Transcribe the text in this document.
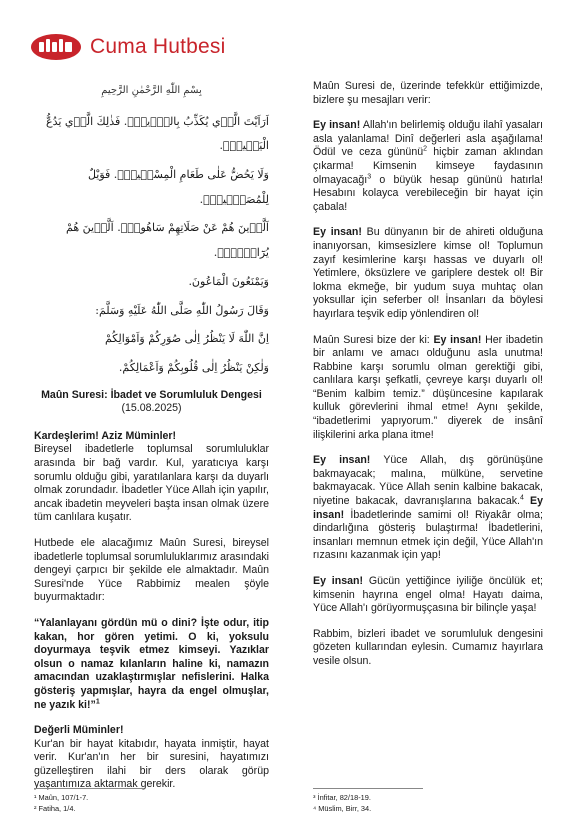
Cuma Hutbesi
بِسْمِ اللّٰهِ الرَّحْمٰنِ الرَّحِيمِ
اَرَاَيْتَ الَّذ۪ي يُكَذِّبُ بِالدّ۪ينِۜ. فَذٰلِكَ الَّذ۪ي يَدُعُّ الْيَت۪يمَۙ.
وَلَا يَحُضُّ عَلٰى طَعَامِ الْمِسْك۪ينِۜ. فَوَيْلٌ لِلْمُصَلّ۪ينَۙ.
اَلَّذ۪ينَ هُمْ عَنْ صَلَاتِهِمْ سَاهُونَۙ. اَلَّذ۪ينَ هُمْ يُرَٓاؤُ۫نَۙ.
وَيَمْنَعُونَ الْمَاعُونَ.
وَقَالَ رَسُولُ اللّٰهِ صَلَّى اللّٰهُ عَلَيْهِ وَسَلَّمَ:
اِنَّ اللّٰهَ لَا يَنْظُرُ اِلٰى صُوَرِكُمْ وَاَمْوَالِكُمْ
وَلٰكِنْ يَنْظُرُ اِلٰى قُلُوبِكُمْ وَاَعْمَالِكُمْ.
Maûn Suresi: İbadet ve Sorumluluk Dengesi
(15.08.2025)
Kardeşlerim! Aziz Müminler!

Bireysel ibadetlerle toplumsal sorumluluklar arasında bir bağ vardır. Kul, yaratıcıya karşı sorumlu olduğu gibi, yaratılanlara karşı da duyarlı olmak zorundadır. İbadetler Yüce Allah için yapılır, ancak ibadetin meyveleri başta insan olmak üzere tüm canlılara kuşatır.

Hutbede ele alacağımız Maûn Suresi, bireysel ibadetlerle toplumsal sorumluluklarımız arasındaki dengeyi çarpıcı bir şekilde ele almaktadır. Maûn Suresi'nde Yüce Rabbimiz mealen şöyle buyurmaktadır:

“Yalanlayanı gördün mü o dini? İşte odur, itip kakan, hor gören yetimi. O ki, yoksulu doyurmaya teşvik etmez kimseyi. Yazıklar olsun o namaz kılanların haline ki, namazın amacından uzaklaştırmışlar nefislerini. Halka gösteriş yapmışlar, hayra da engel olmuşlar, ne yazık ki!”$^1$

Değerli Müminler!

Kur'an bir hayat kitabıdır, hayata inmiştir, hayat verir. Kur'an'ın her bir suresini, hayatımızı güzelleştiren ilahi bir ders olarak görüp yaşantımıza aktarmak gerekir.

Maûn Suresi de, üzerinde tefekkür ettiğimizde, bizlere şu mesajları verir:

Ey insan! Allah'ın belirlemiş olduğu ilahî yasaları asla yalanlama! Dinî değerleri asla aşağılama! Ödül ve ceza gününü$^2$ hiçbir zaman aklından çıkarma! Kimsenin kimseye faydasının olmayacağı$^3$ o büyük hesap gününü hatırla! Hesabını kolayca verebileceğin bir hayat için çabala!

Ey insan! Bu dünyanın bir de ahireti olduğuna inanıyorsan, kimsesizlere kimse ol! Toplumun zayıf kesimlerine karşı hassas ve duyarlı ol! Yetimlere, öksüzlere ve gariplere destek ol! Bir lokma ekmeğe, bir yudum suya muhtaç olan yoksullar için seferber ol! İnsanları da böylesi hayırlara teşvik edip yönlendiren ol!

Maûn Suresi bize der ki: Ey insan! Her ibadetin bir anlamı ve amacı olduğunu asla unutma! Rabbine karşı sorumlu olman gerektiği gibi, canlılara karşı şefkatli, çevreye karşı duyarlı ol! “Benim kalbim temiz.” düşüncesine kapılarak kulluk görevlerini ihmal etme! Aynı şekilde, “ibadetlerimi yapıyorum.” diyerek de insânî ilişkilerini arka plana itme!

Ey insan! Yüce Allah, dış görünüşüne bakmayacak; malına, mülküne, servetine bakmayacak. Yüce Allah senin kalbine bakacak, niyetine bakacak, davranışlarına bakacak.$^4$ Ey insan! İbadetlerinde samimi ol! Riyakâr olma; dindarlığına gösteriş bulaştırma! İbadetlerini, insanları memnun etmek için değil, Yüce Allah'ın rızasını kazanmak için yap!

Ey insan! Gücün yettiğince iyiliğe öncülük et; kimsenin hayrına engel olma! Hayatı daima, Yüce Allah'ı görüyormuşçasına bir bilinçle yaşa!

Rabbim, bizleri ibadet ve sorumluluk dengesini gözeten kullarından eylesin. Cumamız hayırlara vesile olsun.

¹ Maûn, 107/1-7.
² Fatiha, 1/4.
³ İnfitar, 82/18-19.
⁴ Müslim, Birr, 34.
